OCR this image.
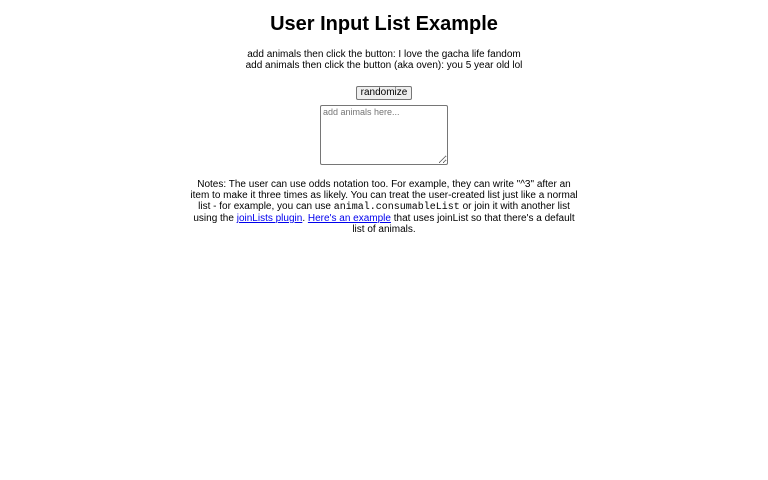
User Input List Example
add animals then click the button: I love the gacha life fandom
add animals then click the button (aka oven): you 5 year old lol
randomize
add animals here...
Notes: The user can use odds notation too. For example, they can write "^3" after an item to make it three times as likely. You can treat the user-created list just like a normal list - for example, you can use animal.consumableList or join it with another list using the joinLists plugin. Here's an example that uses joinList so that there's a default list of animals.
